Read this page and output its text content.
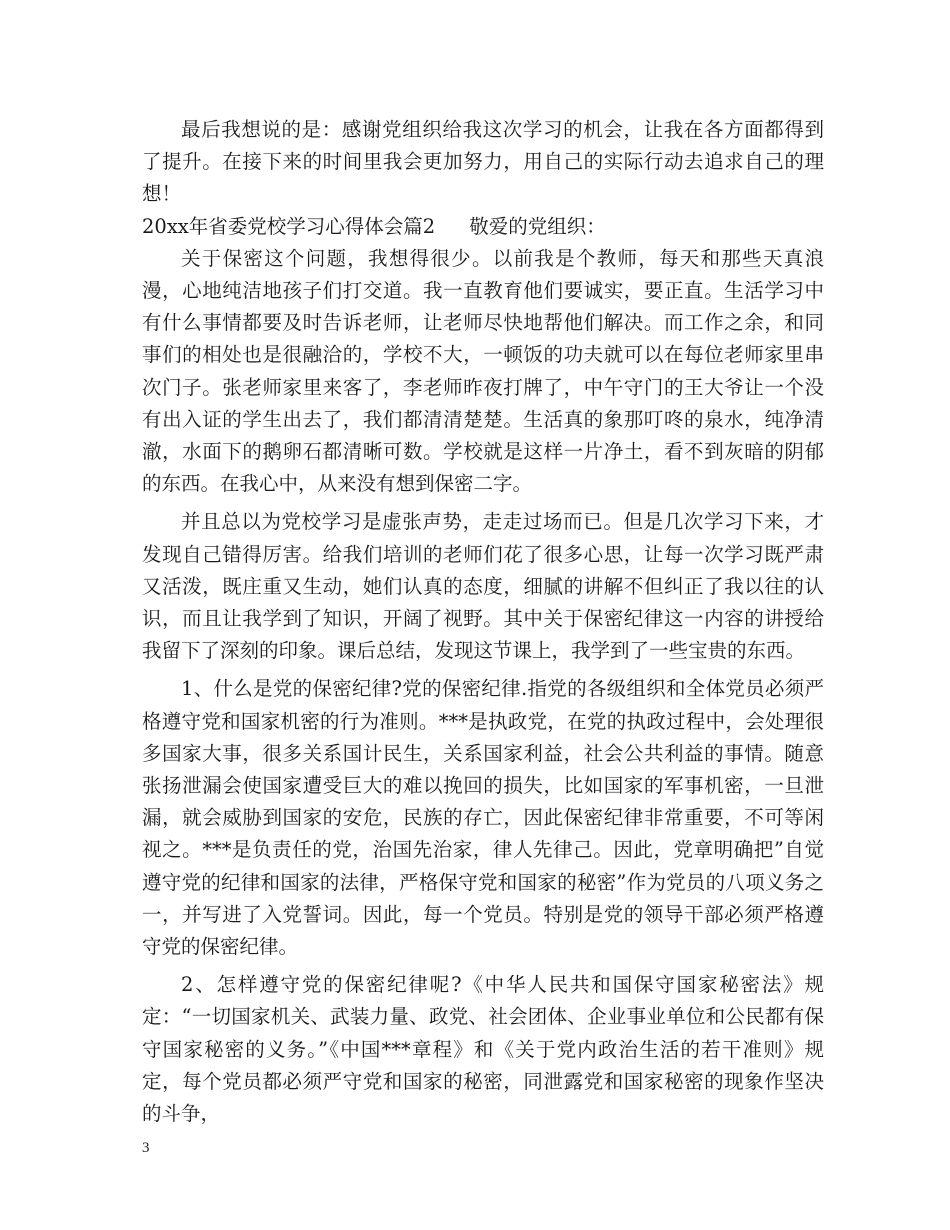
最后我想说的是：感谢党组织给我这次学习的机会，让我在各方面都得到了提升。在接下来的时间里我会更加努力，用自己的实际行动去追求自己的理想！

20xx年省委党校学习心得体会篇2 敬爱的党组织：

关于保密这个问题，我想得很少。以前我是个教师，每天和那些天真浪漫，心地纯洁地孩子们打交道。我一直教育他们要诚实，要正直。生活学习中有什么事情都要及时告诉老师，让老师尽快地帮他们解决。而工作之余，和同事们的相处也是很融洽的，学校不大，一顿饭的功夫就可以在每位老师家里串次门子。张老师家里来客了，李老师昨夜打牌了，中午守门的王大爷让一个没有出入证的学生出去了，我们都清清楚楚。生活真的象那叮咚的泉水，纯净清澈，水面下的鹅卵石都清晰可数。学校就是这样一片净土，看不到灰暗的阴郁的东西。在我心中，从来没有想到保密二字。

并且总以为党校学习是虚张声势，走走过场而已。但是几次学习下来，才发现自己错得厉害。给我们培训的老师们花了很多心思，让每一次学习既严肃又活泼，既庄重又生动，她们认真的态度，细腻的讲解不但纠正了我以往的认识，而且让我学到了知识，开阔了视野。其中关于保密纪律这一内容的讲授给我留下了深刻的印象。课后总结，发现这节课上，我学到了一些宝贵的东西。

1、什么是党的保密纪律?党的保密纪律.指党的各级组织和全体党员必须严格遵守党和国家机密的行为准则。***是执政党，在党的执政过程中，会处理很多国家大事，很多关系国计民生，关系国家利益，社会公共利益的事情。随意张扬泄漏会使国家遭受巨大的难以挽回的损失，比如国家的军事机密，一旦泄漏，就会威胁到国家的安危，民族的存亡，因此保密纪律非常重要，不可等闲视之。***是负责任的党，治国先治家，律人先律己。因此，党章明确把”自觉遵守党的纪律和国家的法律，严格保守党和国家的秘密”作为党员的八项义务之一，并写进了入党誓词。因此，每一个党员。特别是党的领导干部必须严格遵守党的保密纪律。

2、怎样遵守党的保密纪律呢?《中华人民共和国保守国家秘密法》规定：“一切国家机关、武装力量、政党、社会团体、企业事业单位和公民都有保守国家秘密的义务。”《中国***章程》和《关于党内政治生活的若干准则》规定，每个党员都必须严守党和国家的秘密，同泄露党和国家秘密的现象作坚决的斗争，

3
